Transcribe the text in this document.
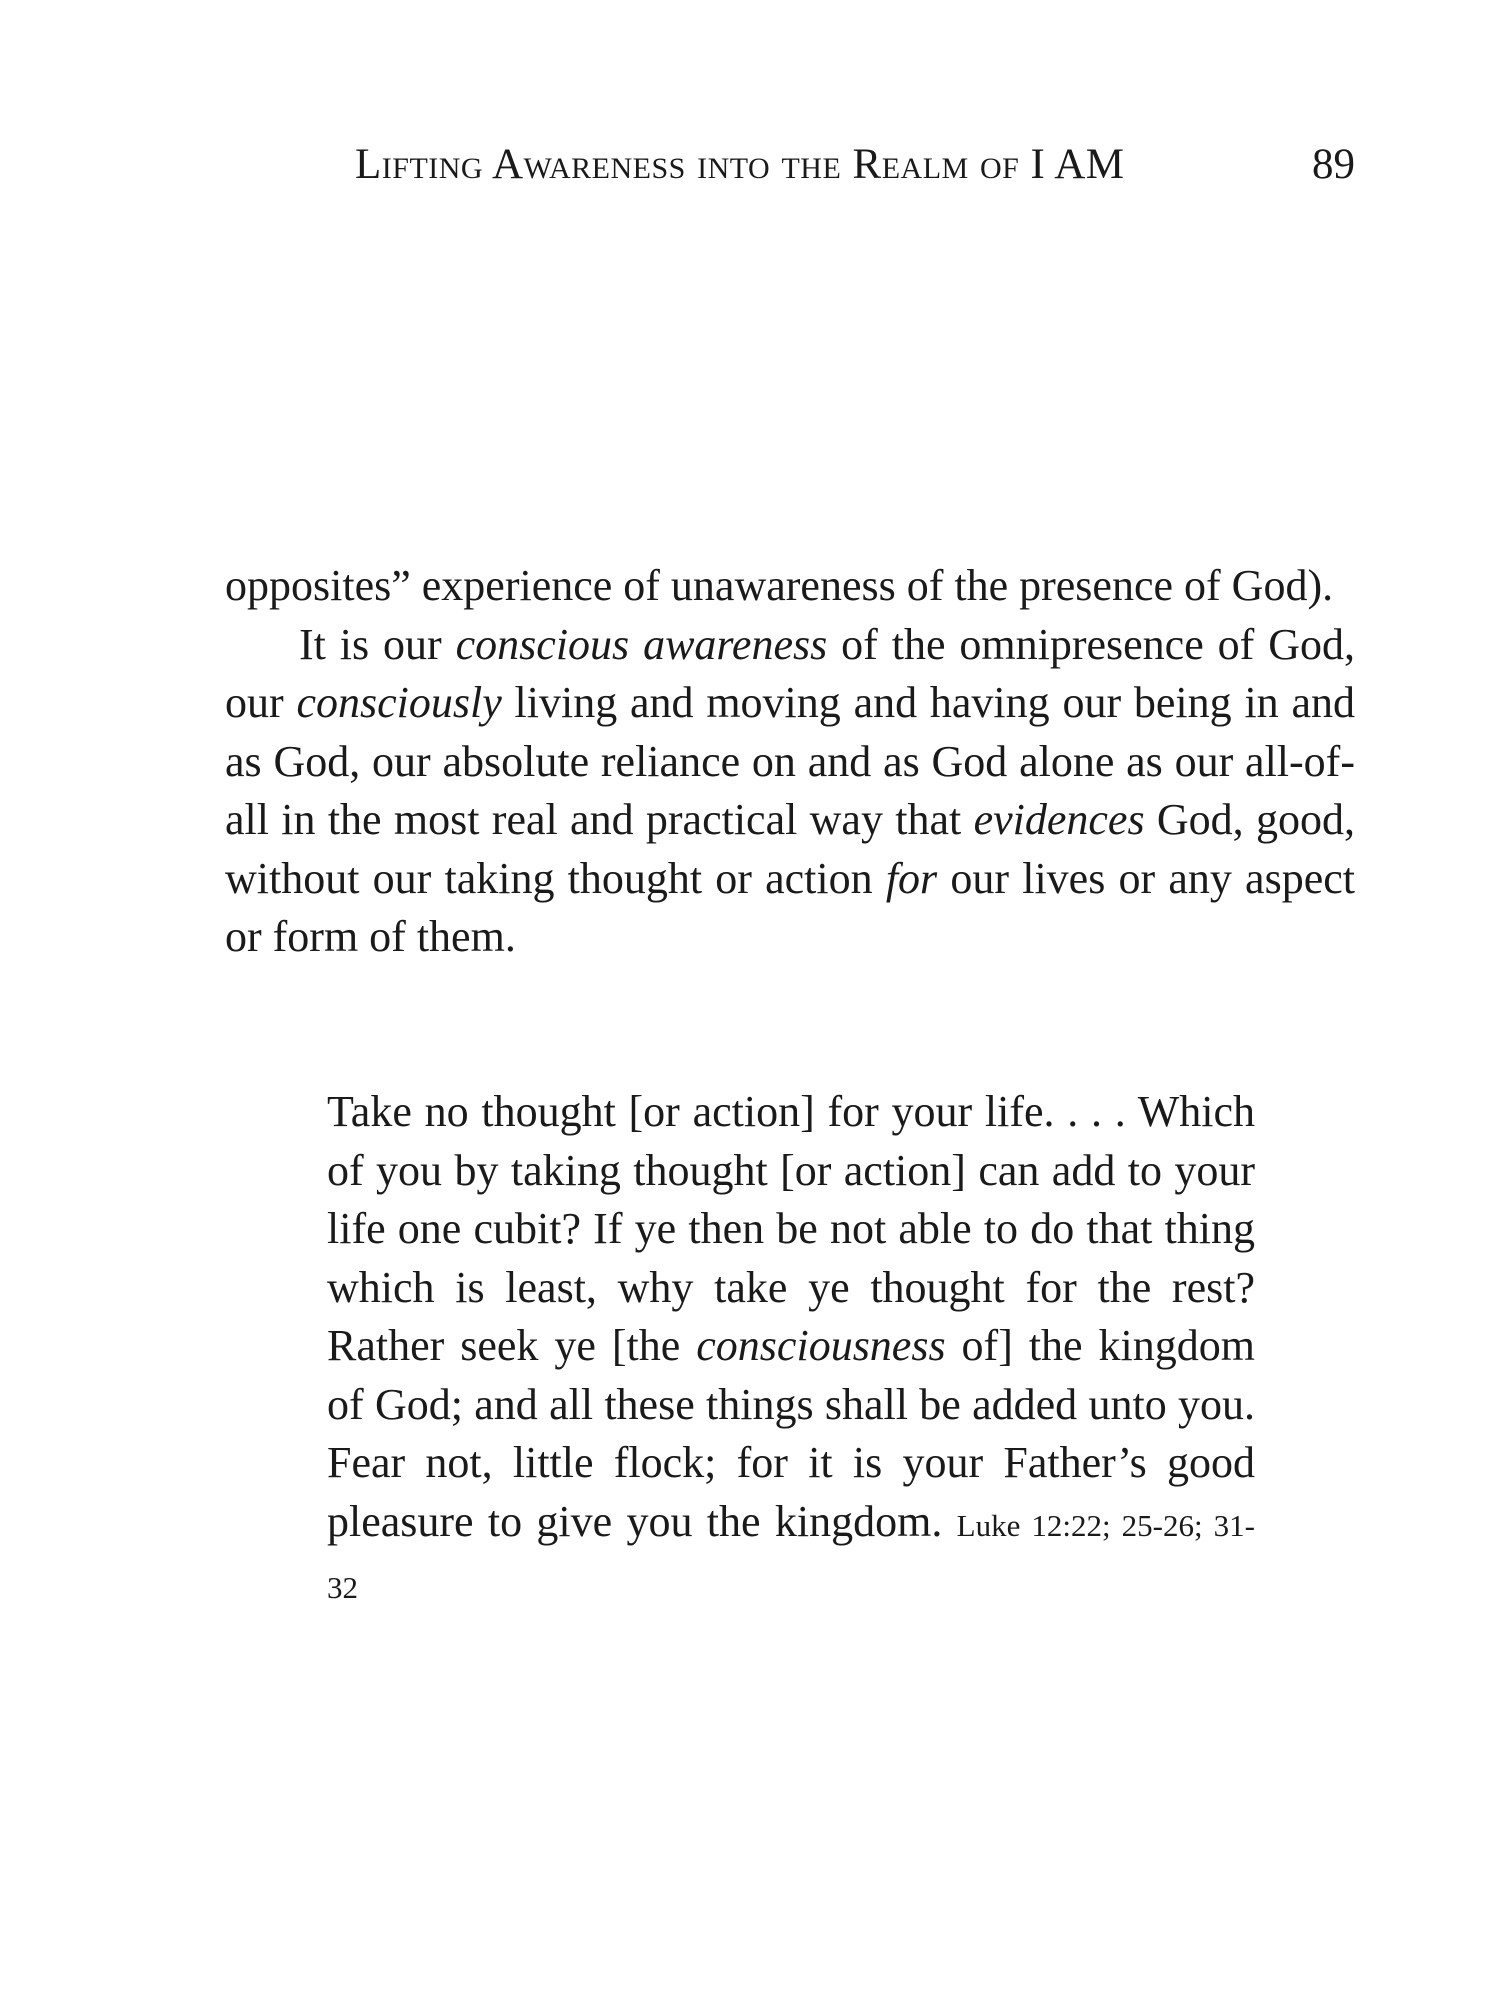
Lifting Awareness into the Realm of I AM	89

opposites” experience of unawareness of the presence of God).

It is our conscious awareness of the omnipresence of God, our consciously living and moving and having our being in and as God, our absolute reliance on and as God alone as our all-of-all in the most real and practical way that evidences God, good, without our taking thought or action for our lives or any aspect or form of them.

Take no thought [or action] for your life. . . . Which of you by taking thought [or action] can add to your life one cubit? If ye then be not able to do that thing which is least, why take ye thought for the rest? Rather seek ye [the consciousness of] the kingdom of God; and all these things shall be added unto you. Fear not, little flock; for it is your Father’s good pleasure to give you the kingdom. Luke 12:22; 25-26; 31-32
